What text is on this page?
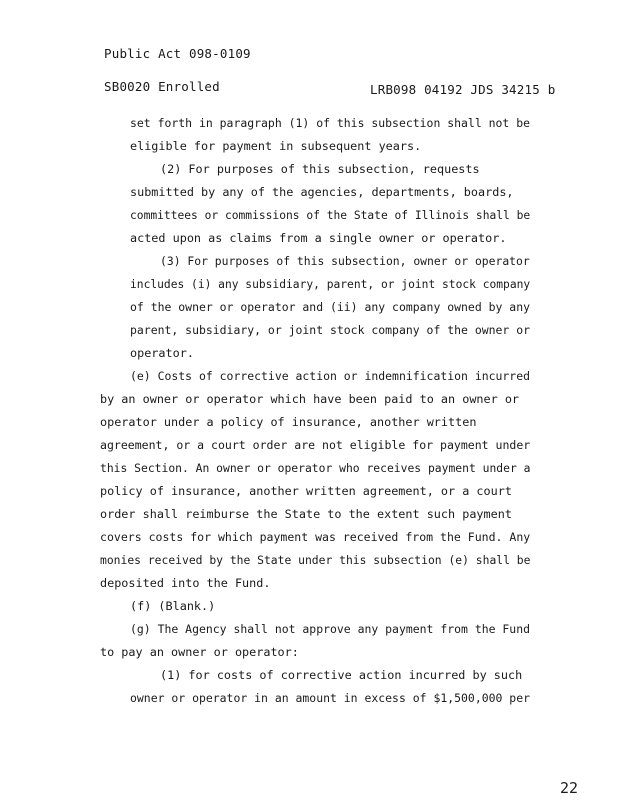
Public Act 098-0109
SB0020 Enrolled	LRB098 04192 JDS 34215 b
set forth in paragraph (1) of this subsection shall not be
eligible for payment in subsequent years.
(2) For purposes of this subsection, requests
submitted by any of the agencies, departments, boards,
committees or commissions of the State of Illinois shall be
acted upon as claims from a single owner or operator.
(3) For purposes of this subsection, owner or operator
includes (i) any subsidiary, parent, or joint stock company
of the owner or operator and (ii) any company owned by any
parent, subsidiary, or joint stock company of the owner or
operator.
(e) Costs of corrective action or indemnification incurred
by an owner or operator which have been paid to an owner or
operator under a policy of insurance, another written
agreement, or a court order are not eligible for payment under
this Section. An owner or operator who receives payment under a
policy of insurance, another written agreement, or a court
order shall reimburse the State to the extent such payment
covers costs for which payment was received from the Fund. Any
monies received by the State under this subsection (e) shall be
deposited into the Fund.
(f) (Blank.)
(g) The Agency shall not approve any payment from the Fund
to pay an owner or operator:
(1) for costs of corrective action incurred by such
owner or operator in an amount in excess of $1,500,000 per
22
